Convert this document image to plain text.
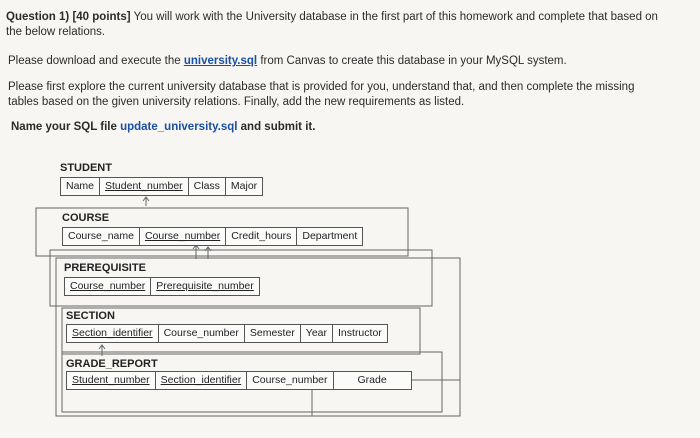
Question 1) [40 points] You will work with the University database in the first part of this homework and complete that based on the below relations.
Please download and execute the university.sql from Canvas to create this database in your MySQL system.
Please first explore the current university database that is provided for you, understand that, and then complete the missing tables based on the given university relations. Finally, add the new requirements as listed.
Name your SQL file update_university.sql and submit it.
STUDENT
Name	Student_number	Class	Major
COURSE
Course_name	Course_number	Credit_hours	Department
PREREQUISITE
Course_number	Prerequisite_number
SECTION
Section_identifier	Course_number	Semester	Year	Instructor
GRADE_REPORT
Student_number	Section_identifier	Course_number	Grade
